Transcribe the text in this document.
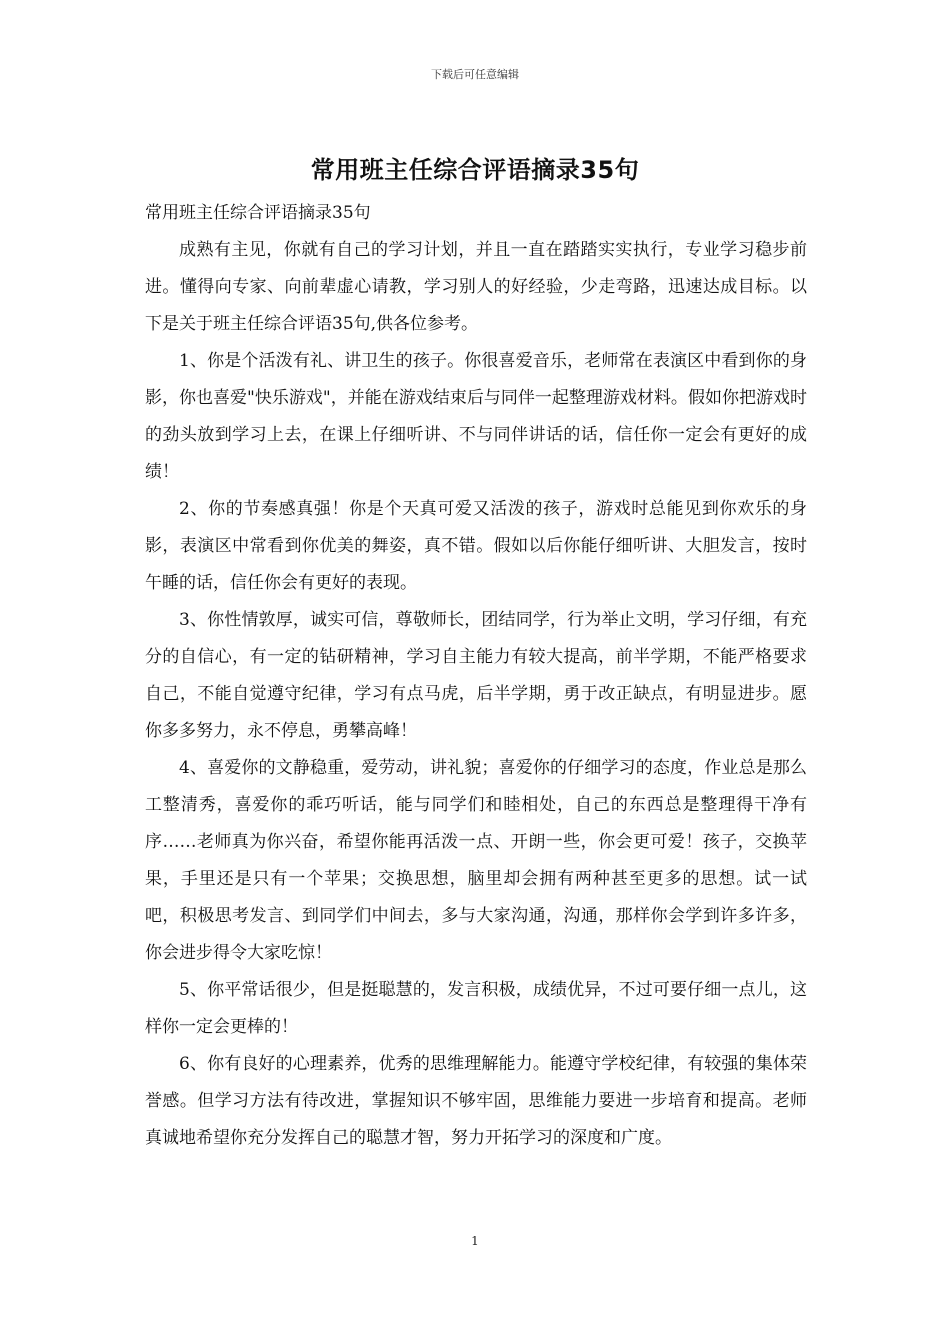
下载后可任意编辑
常用班主任综合评语摘录35句

常用班主任综合评语摘录35句

成熟有主见，你就有自己的学习计划，并且一直在踏踏实实执行，专业学习稳步前进。懂得向专家、向前辈虚心请教，学习别人的好经验，少走弯路，迅速达成目标。以下是关于班主任综合评语35句,供各位参考。

1、你是个活泼有礼、讲卫生的孩子。你很喜爱音乐，老师常在表演区中看到你的身影，你也喜爱"快乐游戏"，并能在游戏结束后与同伴一起整理游戏材料。假如你把游戏时的劲头放到学习上去，在课上仔细听讲、不与同伴讲话的话，信任你一定会有更好的成绩！

2、你的节奏感真强！你是个天真可爱又活泼的孩子，游戏时总能见到你欢乐的身影，表演区中常看到你优美的舞姿，真不错。假如以后你能仔细听讲、大胆发言，按时午睡的话，信任你会有更好的表现。

3、你性情敦厚，诚实可信，尊敬师长，团结同学，行为举止文明，学习仔细，有充分的自信心，有一定的钻研精神，学习自主能力有较大提高，前半学期，不能严格要求自己，不能自觉遵守纪律，学习有点马虎，后半学期，勇于改正缺点，有明显进步。愿你多多努力，永不停息，勇攀高峰！

4、喜爱你的文静稳重，爱劳动，讲礼貌；喜爱你的仔细学习的态度，作业总是那么工整清秀，喜爱你的乖巧听话，能与同学们和睦相处，自己的东西总是整理得干净有序……老师真为你兴奋，希望你能再活泼一点、开朗一些，你会更可爱！孩子，交换苹果，手里还是只有一个苹果；交换思想，脑里却会拥有两种甚至更多的思想。试一试吧，积极思考发言、到同学们中间去，多与大家沟通，沟通，那样你会学到许多许多，你会进步得令大家吃惊！

5、你平常话很少，但是挺聪慧的，发言积极，成绩优异，不过可要仔细一点儿，这样你一定会更棒的！

6、你有良好的心理素养，优秀的思维理解能力。能遵守学校纪律，有较强的集体荣誉感。但学习方法有待改进，掌握知识不够牢固，思维能力要进一步培育和提高。老师真诚地希望你充分发挥自己的聪慧才智，努力开拓学习的深度和广度。

1
